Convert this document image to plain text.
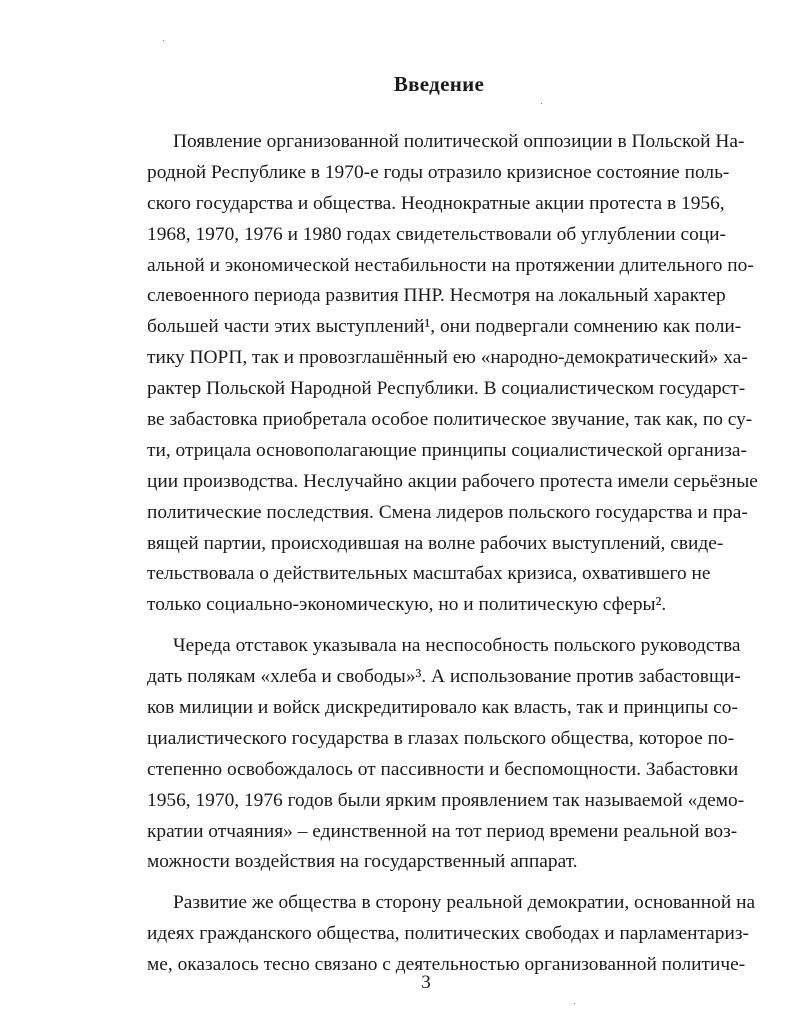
Введение
Появление организованной политической оппозиции в Польской На-
родной Республике в 1970-е годы отразило кризисное состояние поль-
ского государства и общества. Неоднократные акции протеста в 1956,
1968, 1970, 1976 и 1980 годах свидетельствовали об углублении соци-
альной и экономической нестабильности на протяжении длительного по-
слевоенного периода развития ПНР. Несмотря на локальный характер
большей части этих выступлений¹, они подвергали сомнению как поли-
тику ПОРП, так и провозглашённый ею «народно-демократический» ха-
рактер Польской Народной Республики. В социалистическом государст-
ве забастовка приобретала особое политическое звучание, так как, по су-
ти, отрицала основополагающие принципы социалистической организа-
ции производства. Неслучайно акции рабочего протеста имели серьёзные
политические последствия. Смена лидеров польского государства и пра-
вящей партии, происходившая на волне рабочих выступлений, свиде-
тельствовала о действительных масштабах кризиса, охватившего не
только социально-экономическую, но и политическую сферы².
Череда отставок указывала на неспособность польского руководства
дать полякам «хлеба и свободы»³. А использование против забастовщи-
ков милиции и войск дискредитировало как власть, так и принципы со-
циалистического государства в глазах польского общества, которое по-
степенно освобождалось от пассивности и беспомощности. Забастовки
1956, 1970, 1976 годов были ярким проявлением так называемой «демо-
кратии отчаяния» – единственной на тот период времени реальной воз-
можности воздействия на государственный аппарат.
Развитие же общества в сторону реальной демократии, основанной на
идеях гражданского общества, политических свободах и парламентариз-
ме, оказалось тесно связано с деятельностью организованной политиче-
3
